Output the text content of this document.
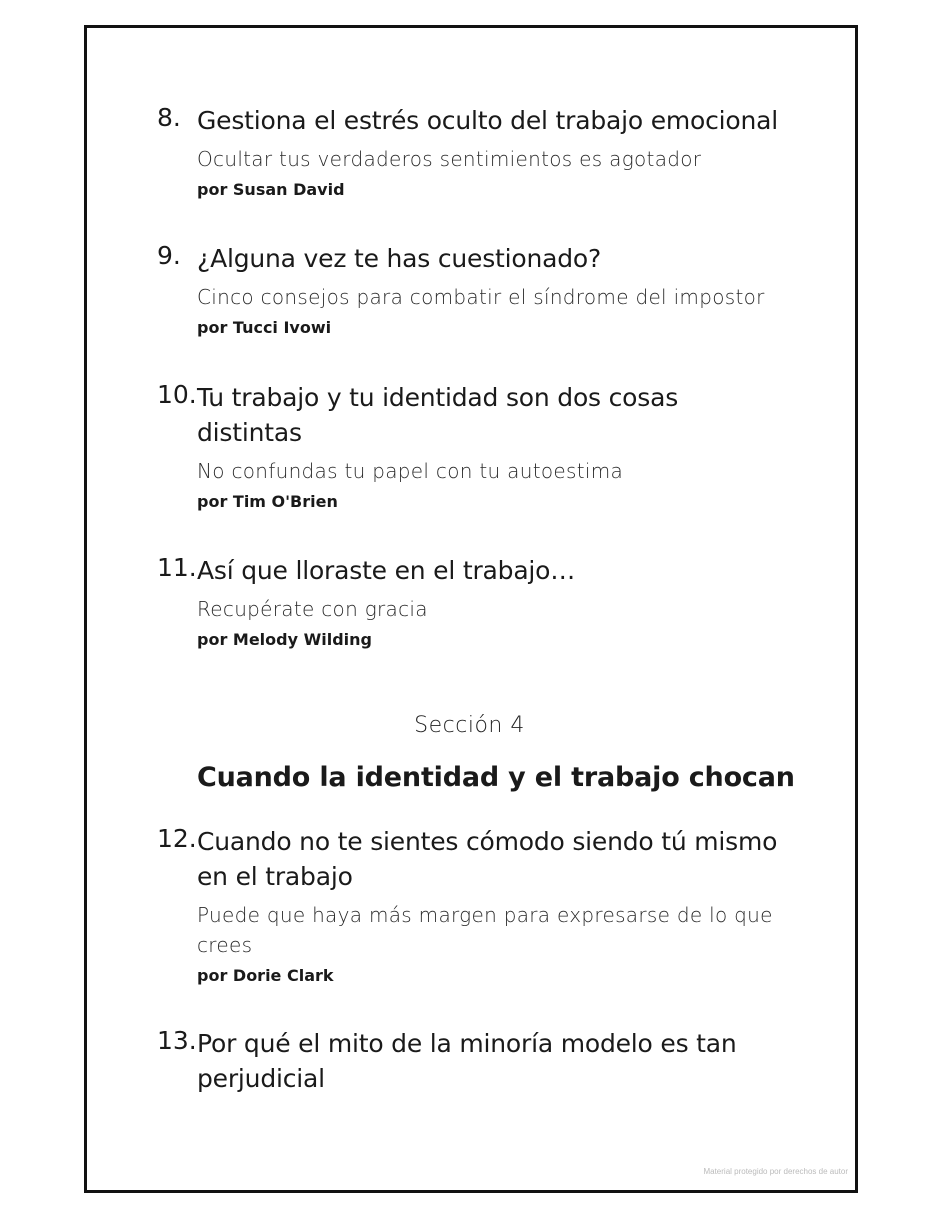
8. Gestiona el estrés oculto del trabajo emocional
Ocultar tus verdaderos sentimientos es agotador
por Susan David
9. ¿Alguna vez te has cuestionado?
Cinco consejos para combatir el síndrome del impostor
por Tucci Ivowi
10. Tu trabajo y tu identidad son dos cosas distintas
No confundas tu papel con tu autoestima
por Tim O'Brien
11. Así que lloraste en el trabajo…
Recupérate con gracia
por Melody Wilding
Sección 4
Cuando la identidad y el trabajo chocan
12. Cuando no te sientes cómodo siendo tú mismo en el trabajo
Puede que haya más margen para expresarse de lo que crees
por Dorie Clark
13. Por qué el mito de la minoría modelo es tan perjudicial
Material protegido por derechos de autor
